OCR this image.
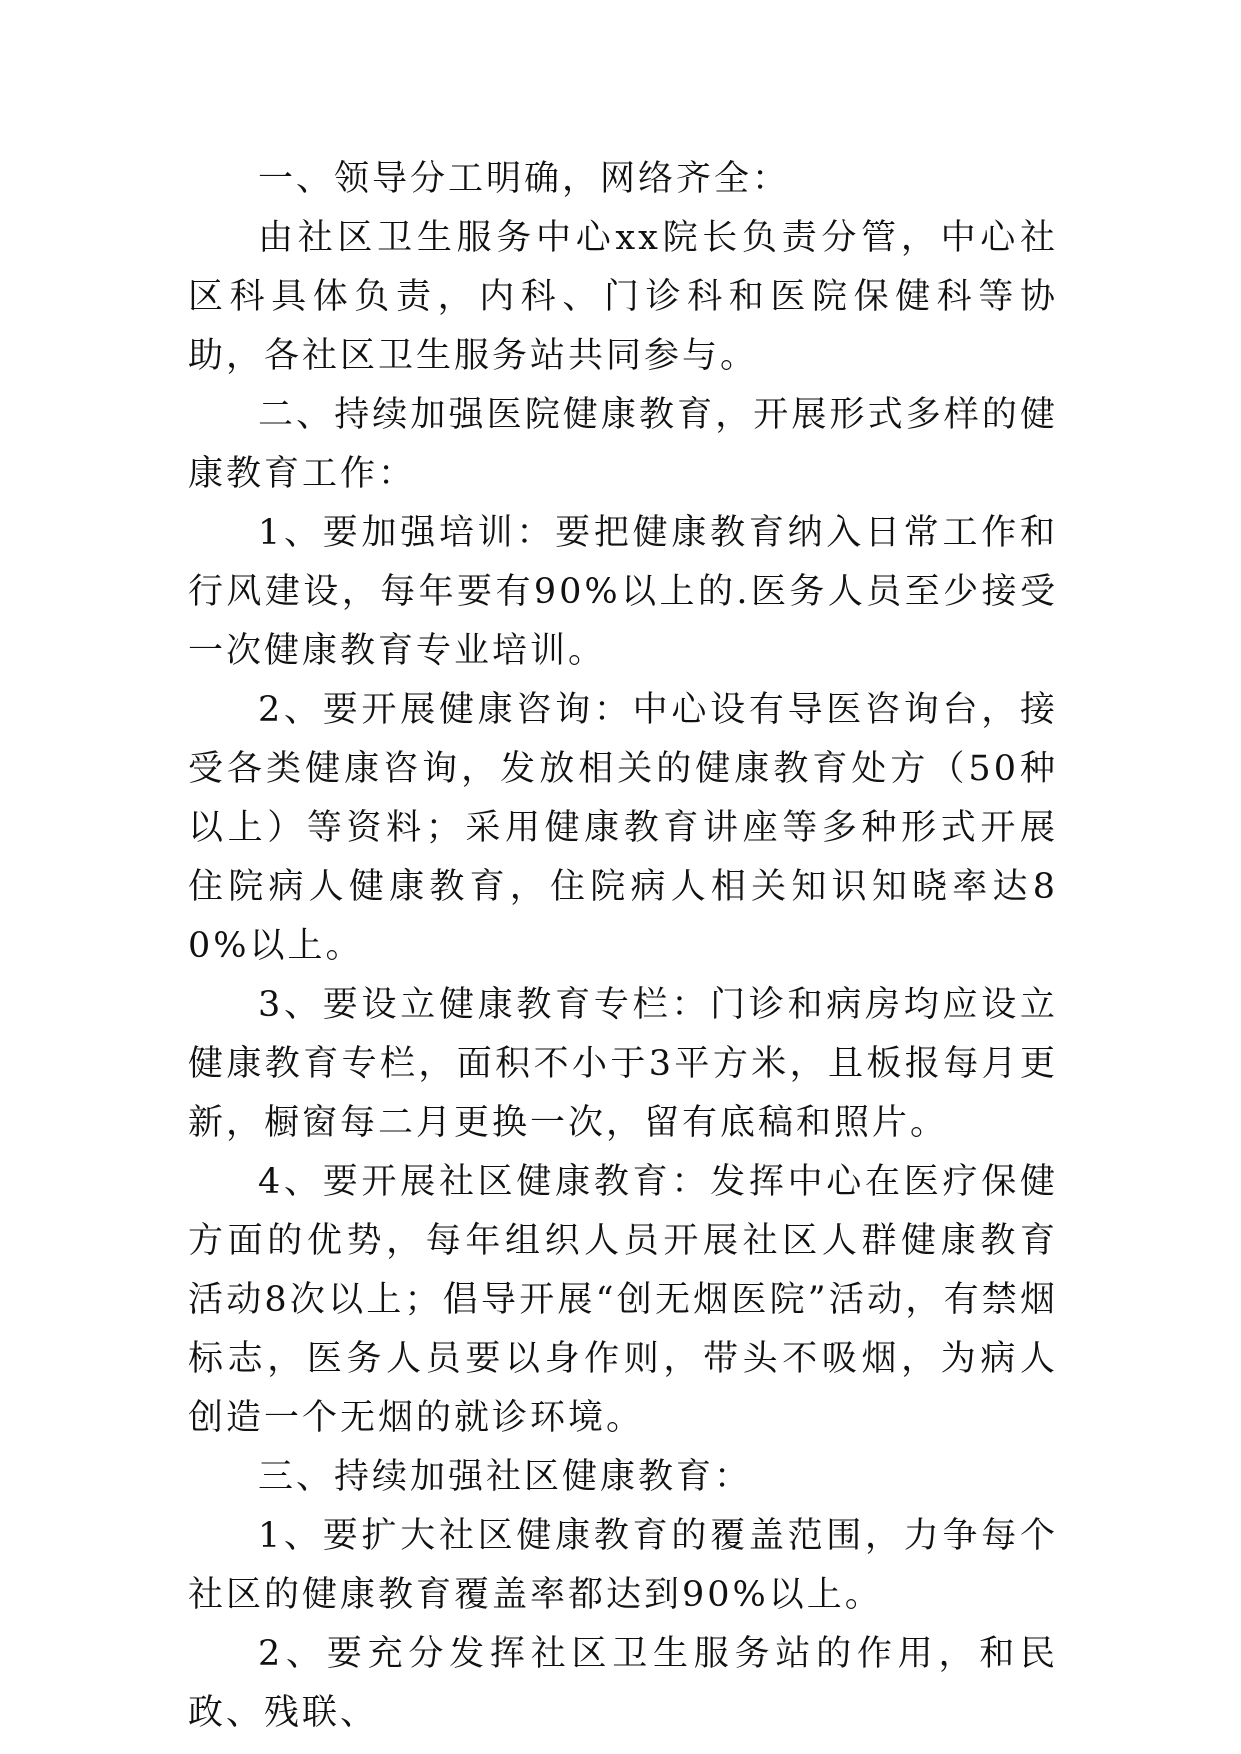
一、领导分工明确，网络齐全：

由社区卫生服务中心xx院长负责分管，中心社区科具体负责，内科、门诊科和医院保健科等协助，各社区卫生服务站共同参与。

二、持续加强医院健康教育，开展形式多样的健康教育工作：

1、要加强培训：要把健康教育纳入日常工作和行风建设，每年要有90%以上的.医务人员至少接受一次健康教育专业培训。

2、要开展健康咨询：中心设有导医咨询台，接受各类健康咨询，发放相关的健康教育处方（50种以上）等资料；采用健康教育讲座等多种形式开展住院病人健康教育，住院病人相关知识知晓率达80%以上。

3、要设立健康教育专栏：门诊和病房均应设立健康教育专栏，面积不小于3平方米，且板报每月更新，橱窗每二月更换一次，留有底稿和照片。

4、要开展社区健康教育：发挥中心在医疗保健方面的优势，每年组织人员开展社区人群健康教育活动8次以上；倡导开展“创无烟医院”活动，有禁烟标志，医务人员要以身作则，带头不吸烟，为病人创造一个无烟的就诊环境。

三、持续加强社区健康教育：

1、要扩大社区健康教育的覆盖范围，力争每个社区的健康教育覆盖率都达到90%以上。

2、要充分发挥社区卫生服务站的作用，和民政、残联、
